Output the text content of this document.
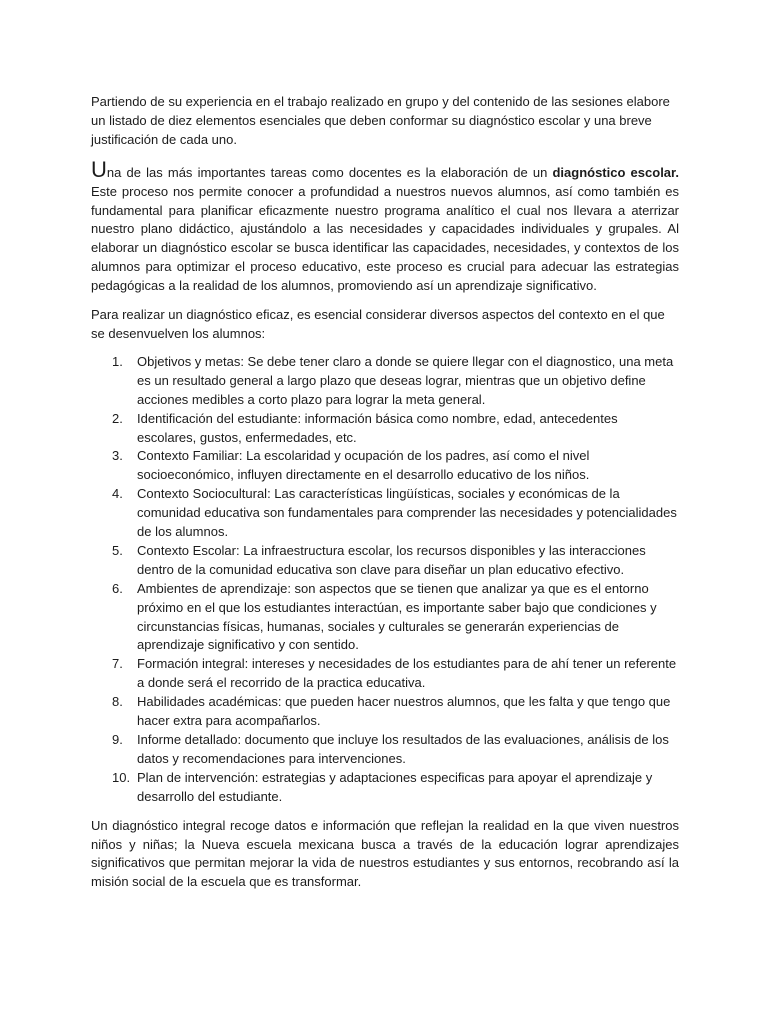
Partiendo de su experiencia en el trabajo realizado en grupo y del contenido de las sesiones elabore un listado de diez elementos esenciales que deben conformar su diagnóstico escolar y una breve justificación de cada uno.

Una de las más importantes tareas como docentes es la elaboración de un diagnóstico escolar. Este proceso nos permite conocer a profundidad a nuestros nuevos alumnos, así como también es fundamental para planificar eficazmente nuestro programa analítico el cual nos llevara a aterrizar nuestro plano didáctico, ajustándolo a las necesidades y capacidades individuales y grupales. Al elaborar un diagnóstico escolar se busca identificar las capacidades, necesidades, y contextos de los alumnos para optimizar el proceso educativo, este proceso es crucial para adecuar las estrategias pedagógicas a la realidad de los alumnos, promoviendo así un aprendizaje significativo.

Para realizar un diagnóstico eficaz, es esencial considerar diversos aspectos del contexto en el que se desenvuelven los alumnos:

1. Objetivos y metas: Se debe tener claro a donde se quiere llegar con el diagnostico, una meta es un resultado general a largo plazo que deseas lograr, mientras que un objetivo define acciones medibles a corto plazo para lograr la meta general.
2. Identificación del estudiante: información básica como nombre, edad, antecedentes escolares, gustos, enfermedades, etc.
3. Contexto Familiar: La escolaridad y ocupación de los padres, así como el nivel socioeconómico, influyen directamente en el desarrollo educativo de los niños.
4. Contexto Sociocultural: Las características lingüísticas, sociales y económicas de la comunidad educativa son fundamentales para comprender las necesidades y potencialidades de los alumnos.
5. Contexto Escolar: La infraestructura escolar, los recursos disponibles y las interacciones dentro de la comunidad educativa son clave para diseñar un plan educativo efectivo.
6. Ambientes de aprendizaje: son aspectos que se tienen que analizar ya que es el entorno próximo en el que los estudiantes interactúan, es importante saber bajo que condiciones y circunstancias físicas, humanas, sociales y culturales se generarán experiencias de aprendizaje significativo y con sentido.
7. Formación integral: intereses y necesidades de los estudiantes para de ahí tener un referente a donde será el recorrido de la practica educativa.
8. Habilidades académicas: que pueden hacer nuestros alumnos, que les falta y que tengo que hacer extra para acompañarlos.
9. Informe detallado: documento que incluye los resultados de las evaluaciones, análisis de los datos y recomendaciones para intervenciones.
10. Plan de intervención: estrategias y adaptaciones especificas para apoyar el aprendizaje y desarrollo del estudiante.

Un diagnóstico integral recoge datos e información que reflejan la realidad en la que viven nuestros niños y niñas; la Nueva escuela mexicana busca a través de la educación lograr aprendizajes significativos que permitan mejorar la vida de nuestros estudiantes y sus entornos, recobrando así la misión social de la escuela que es transformar.
